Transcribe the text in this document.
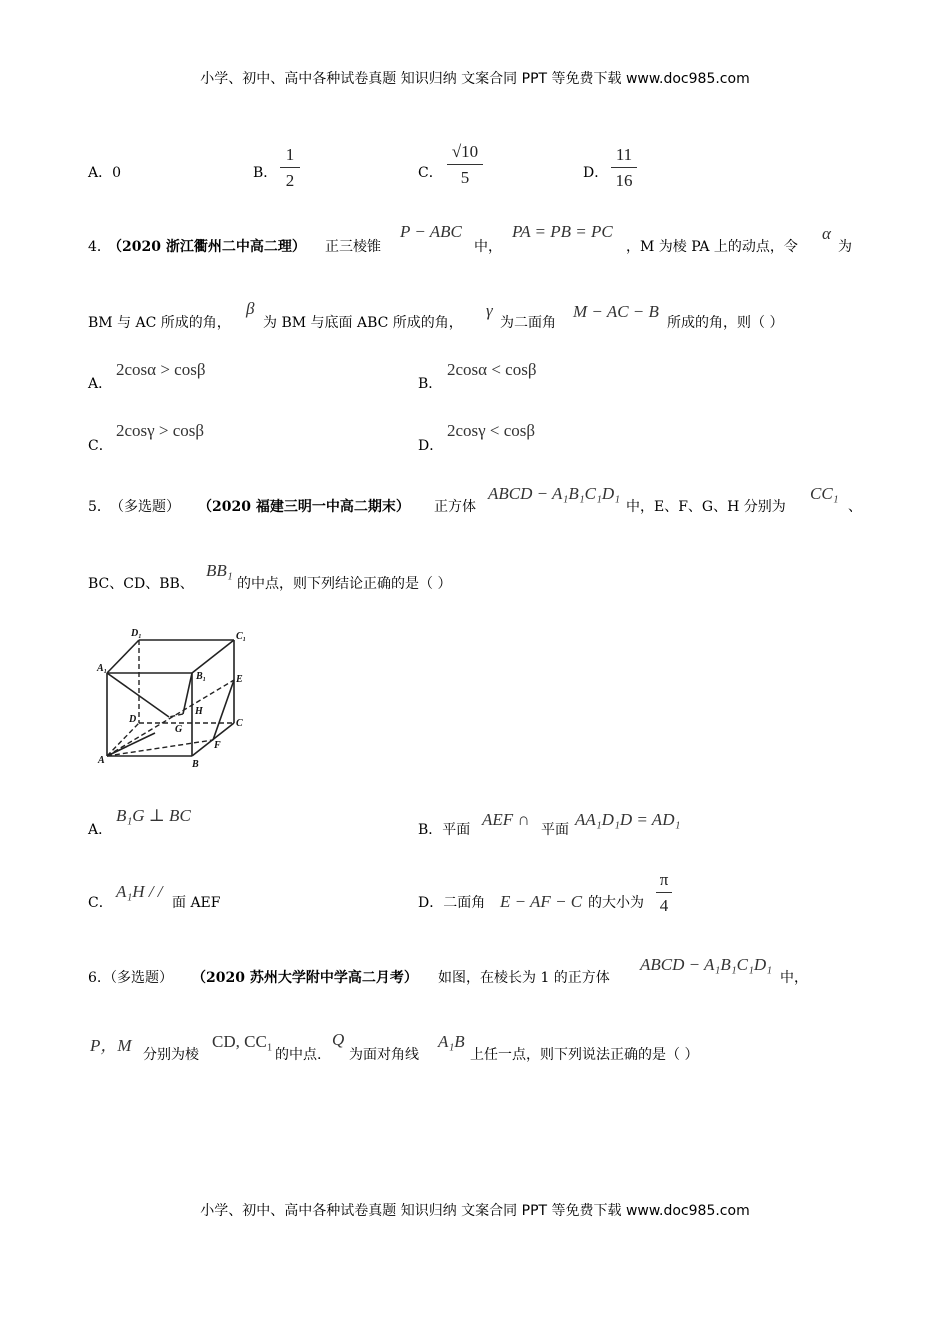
小学、初中、高中各种试卷真题 知识归纳 文案合同 PPT 等免费下载 www.doc985.com
A．0	B． $\frac{1}{2}$	C． $\frac{√10}{5}$	D． $\frac{11}{16}$
4．
（2020 浙江衢州二中高二理） 正三棱锥
P − ABC
中，
PA = PB = PC
，M 为棱 PA 上的动点，令
α
为
BM 与 AC 所成的角，
β
为 BM 与底面 ABC 所成的角，
γ
为二面角
M − AC − B
所成的角，则（ ）
A．
2cosα > cosβ
B．
2cosα < cosβ
C．
2cosγ > cosβ
D．
2cosγ < cosβ
5． （多选题） （2020 福建三明一中高二期末） 正方体
ABCD − A₁B₁C₁D₁
中，E、F、G、H 分别为
CC₁
、
BC、CD、BB、
BB₁
的中点，则下列结论正确的是（ ）
D₁	C₁
A₁
B₁	E
H
D
G
C
F
A	B
A．
B₁G ⊥ BC
B．平面
AEF ∩
平面
AA₁D₁D = AD₁
C．
A₁H / /
面 AEF	D．二面角 E − AF − C 的大小为 $\frac{\pi}{4}$
6. （多选题） （2020 苏州大学附中学高二月考） 如图，在棱长为 1 的正方体
ABCD − A₁B₁C₁D₁
中，
P，M 分别为棱
CD, CC₁
的中点.
Q
为面对角线
A₁B
上任一点，则下列说法正确的是（ ）
小学、初中、高中各种试卷真题 知识归纳 文案合同 PPT 等免费下载 www.doc985.com
